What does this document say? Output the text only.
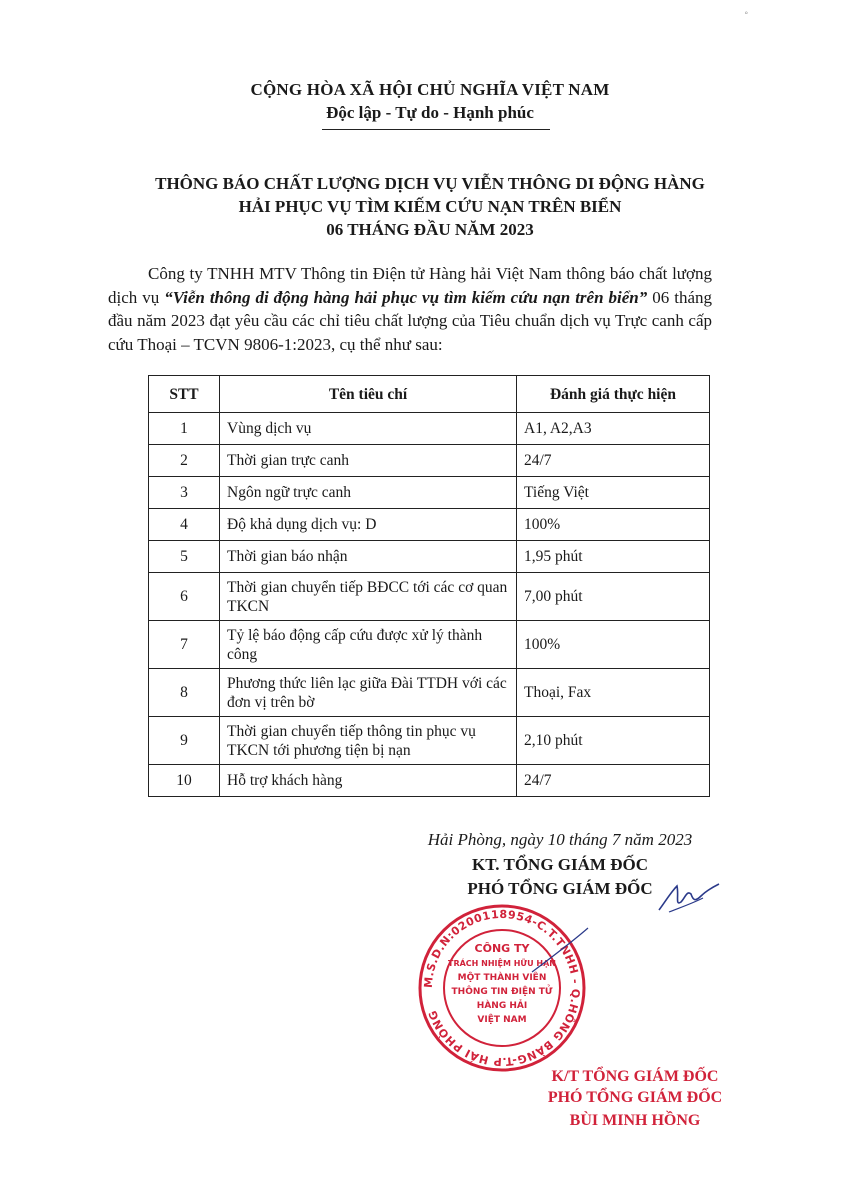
◦
CỘNG HÒA XÃ HỘI CHỦ NGHĨA VIỆT NAM
Độc lập - Tự do - Hạnh phúc
THÔNG BÁO CHẤT LƯỢNG DỊCH VỤ VIỄN THÔNG DI ĐỘNG HÀNG
HẢI PHỤC VỤ TÌM KIẾM CỨU NẠN TRÊN BIỂN
06 THÁNG ĐẦU NĂM 2023
Công ty TNHH MTV Thông tin Điện tử Hàng hải Việt Nam thông báo chất lượng dịch vụ “Viễn thông di động hàng hải phục vụ tìm kiếm cứu nạn trên biển” 06 tháng đầu năm 2023 đạt yêu cầu các chỉ tiêu chất lượng của Tiêu chuẩn dịch vụ Trực canh cấp cứu Thoại – TCVN 9806-1:2023, cụ thể như sau:
STT	Tên tiêu chí	Đánh giá thực hiện
1	Vùng dịch vụ	A1, A2,A3
2	Thời gian trực canh	24/7
3	Ngôn ngữ trực canh	Tiếng Việt
4	Độ khả dụng dịch vụ: D	100%
5	Thời gian báo nhận	1,95 phút
6	Thời gian chuyển tiếp BĐCC tới các cơ quan TKCN	7,00 phút
7	Tỷ lệ báo động cấp cứu được xử lý thành công	100%
8	Phương thức liên lạc giữa Đài TTDH với các đơn vị trên bờ	Thoại, Fax
9	Thời gian chuyển tiếp thông tin phục vụ TKCN tới phương tiện bị nạn	2,10 phút
10	Hỗ trợ khách hàng	24/7
Hải Phòng, ngày 10 tháng 7 năm 2023
KT. TỔNG GIÁM ĐỐC
PHÓ TỔNG GIÁM ĐỐC
M.S.D.N:0200118954-C.T.TNHH - Q.HỒNG BÀNG-T.P HẢI PHÒNG
CÔNG TY
TRÁCH NHIỆM HỮU HẠN
MỘT THÀNH VIÊN
THÔNG TIN ĐIỆN TỬ
HÀNG HẢI
VIỆT NAM
K/T TỔNG GIÁM ĐỐC
PHÓ TỔNG GIÁM ĐỐC
BÙI MINH HỒNG
